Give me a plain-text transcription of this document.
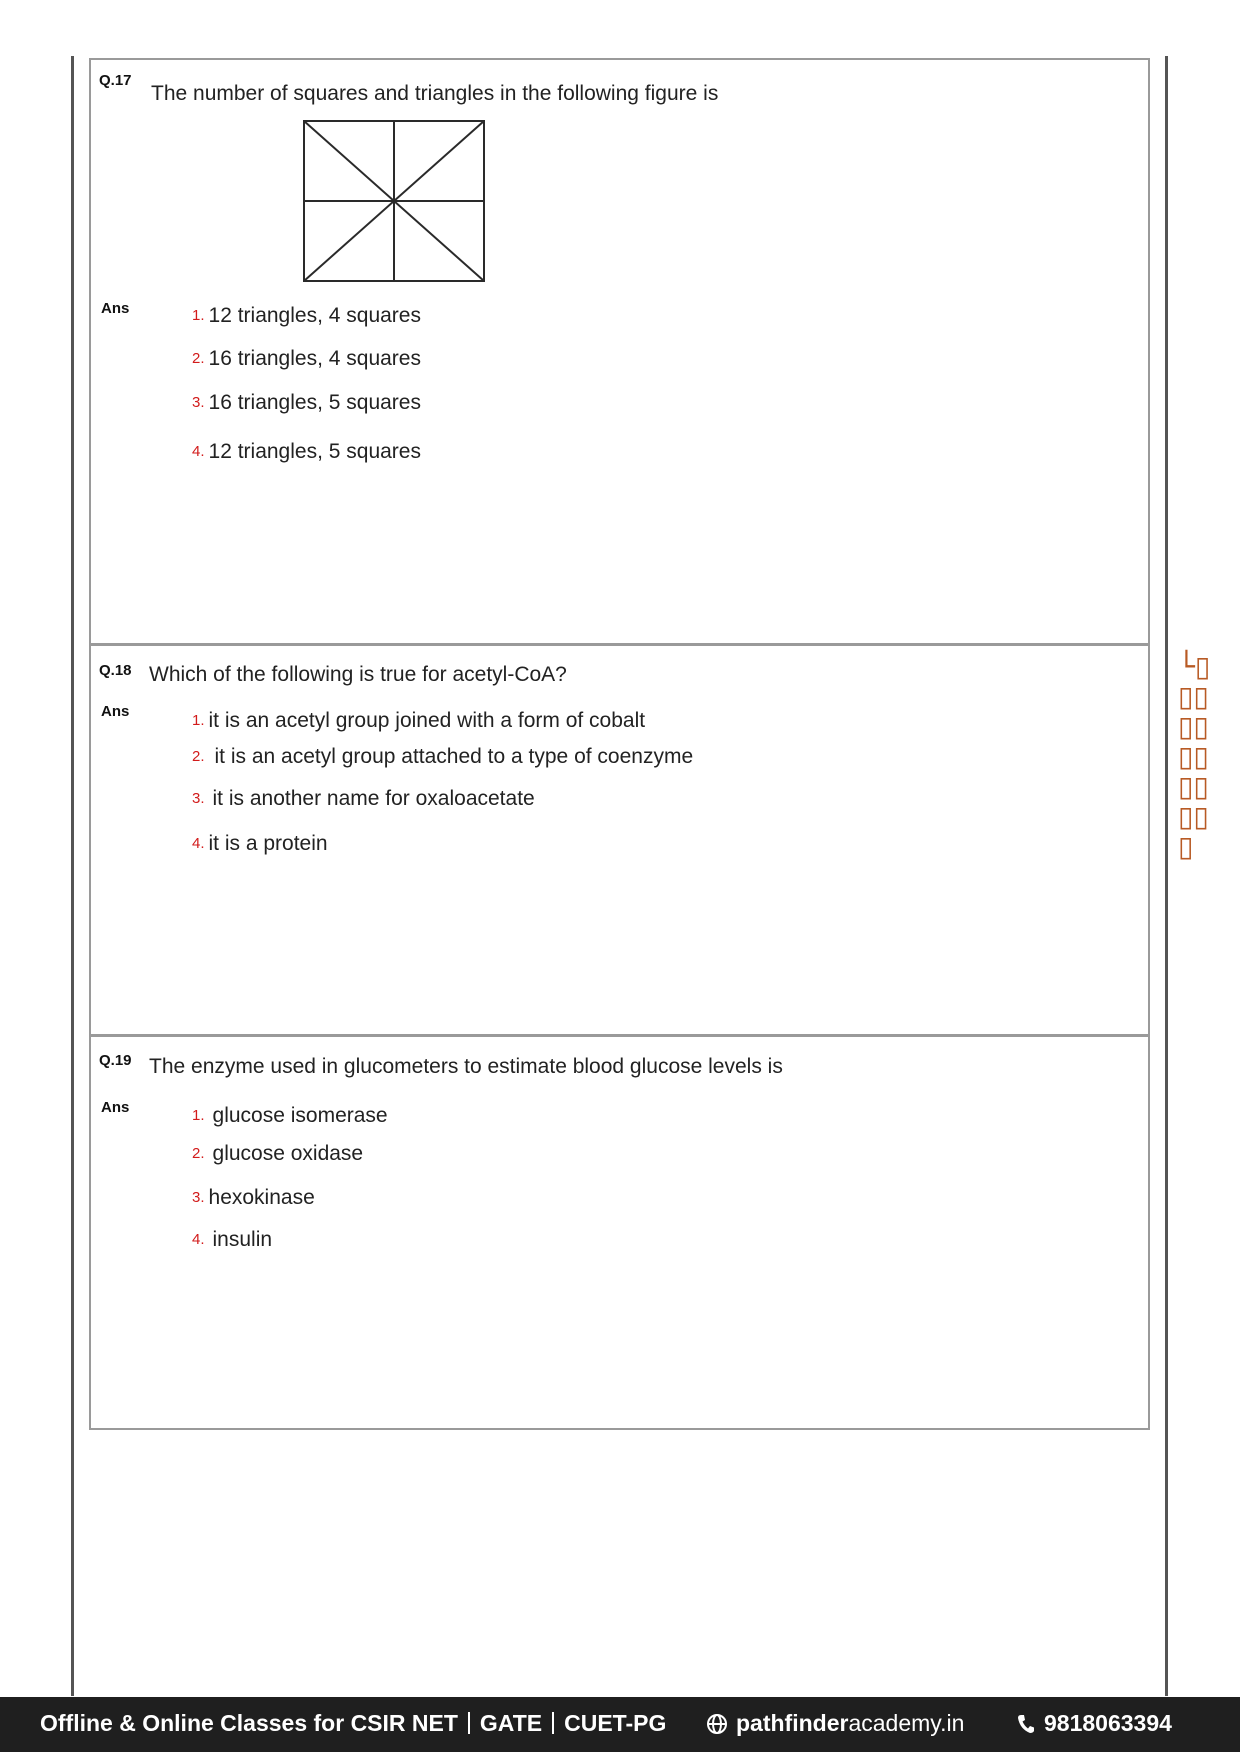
Q.17
The number of squares and triangles in the following figure is
Ans	1. 12 triangles, 4 squares
2. 16 triangles, 4 squares
3. 16 triangles, 5 squares
4. 12 triangles, 5 squares
Q.18 Which of the following is true for acetyl-CoA?
Ans
1. it is an acetyl group joined with a form of cobalt
2. it is an acetyl group attached to a type of coenzyme
3. it is another name for oxaloacetate
4. it is a protein
Q.19 The enzyme used in glucometers to estimate blood glucose levels is
Ans	1. glucose isomerase
2. glucose oxidase
3. hexokinase
4. insulin
└▯▯▯▯▯▯▯▯▯▯▯▯
Offline & Online Classes for CSIR NET GATE CUET-PG	pathfinderacademy.in	9818063394
